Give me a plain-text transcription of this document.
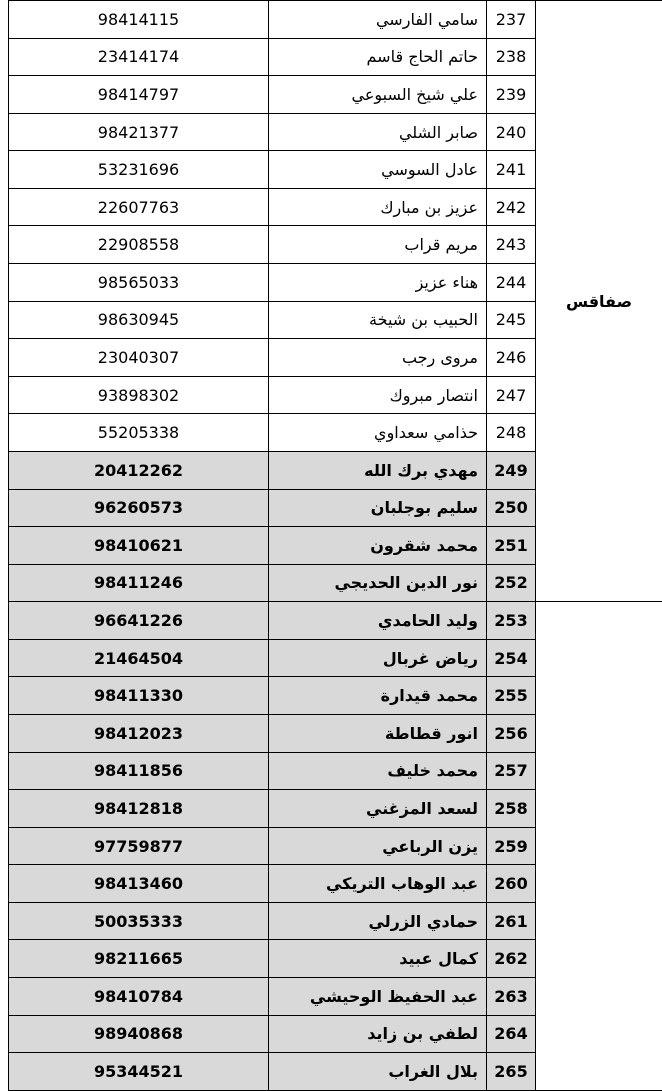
98414115	سامي الفارسي	237	صفاقس
23414174	حاتم الحاج قاسم	238	
98414797	علي شيخ السبوعي	239	
98421377	صابر الشلي	240	
53231696	عادل السوسي	241	
22607763	عزيز بن مبارك	242	
22908558	مريم قراب	243	
98565033	هناء عزيز	244	
98630945	الحبيب بن شيخة	245	
23040307	مروى رجب	246	
93898302	انتصار مبروك	247	
55205338	حذامي سعداوي	248	
20412262	مهدي برك الله	249	
96260573	سليم بوجلبان	250	
98410621	محمد شقرون	251	
98411246	نور الدين الحديجي	252	
96641226	وليد الحامدي	253	
21464504	رياض غربال	254	
98411330	محمد قيدارة	255	
98412023	انور قطاطة	256	
98411856	محمد خليف	257	
98412818	لسعد المزغني	258	
97759877	يزن الرباعي	259	
98413460	عبد الوهاب التريكي	260	
50035333	حمادي الزرلي	261	
98211665	كمال عبيد	262	
98410784	عبد الحفيظ الوحيشي	263	
98940868	لطفي بن زايد	264	
95344521	بلال الغراب	265	
